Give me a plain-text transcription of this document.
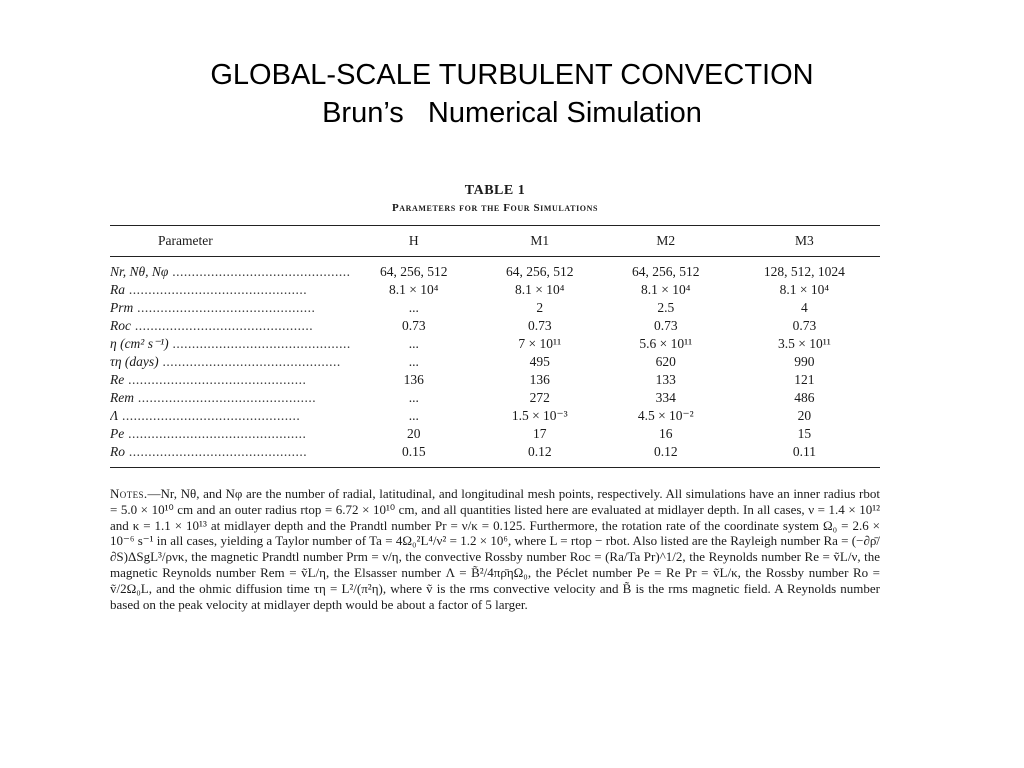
GLOBAL-SCALE TURBULENT CONVECTION
Brun’s   Numerical Simulation
TABLE 1
Parameters for the Four Simulations
Parameter	H	M1	M2	M3
Nr, Nθ, Nφ ..............................................	64, 256, 512	64, 256, 512	64, 256, 512	128, 512, 1024
Ra ..............................................	8.1 × 10⁴	8.1 × 10⁴	8.1 × 10⁴	8.1 × 10⁴
Prm ..............................................	...	2	2.5	4
Roc ..............................................	0.73	0.73	0.73	0.73
η (cm² s⁻¹) ..............................................	...	7 × 10¹¹	5.6 × 10¹¹	3.5 × 10¹¹
τη (days) ..............................................	...	495	620	990
Re ..............................................	136	136	133	121
Rem ..............................................	...	272	334	486
Λ ..............................................	...	1.5 × 10⁻³	4.5 × 10⁻²	20
Pe ..............................................	20	17	16	15
Ro ..............................................	0.15	0.12	0.12	0.11
Notes.—Nr, Nθ, and Nφ are the number of radial, latitudinal, and longitudinal mesh points, respectively. All simulations have an inner radius rbot = 5.0 × 10¹⁰ cm and an outer radius rtop = 6.72 × 10¹⁰ cm, and all quantities listed here are evaluated at midlayer depth. In all cases, ν = 1.4 × 10¹² and κ = 1.1 × 10¹³ at midlayer depth and the Prandtl number Pr = ν/κ = 0.125. Furthermore, the rotation rate of the coordinate system Ω₀ = 2.6 × 10⁻⁶ s⁻¹ in all cases, yielding a Taylor number of Ta = 4Ω₀²L⁴/ν² = 1.2 × 10⁶, where L = rtop − rbot. Also listed are the Rayleigh number Ra = (−∂ρ̄/∂S)ΔSgL³/ρνκ, the magnetic Prandtl number Prm = ν/η, the convective Rossby number Roc = (Ra/Ta Pr)^1/2, the Reynolds number Re = ṽL/ν, the magnetic Reynolds number Rem = ṽL/η, the Elsasser number Λ = B̃²/4πρ̄ηΩ₀, the Péclet number Pe = Re Pr = ṽL/κ, the Rossby number Ro = ṽ/2Ω₀L, and the ohmic diffusion time τη = L²/(π²η), where ṽ is the rms convective velocity and B̃ is the rms magnetic field. A Reynolds number based on the peak velocity at midlayer depth would be about a factor of 5 larger.
